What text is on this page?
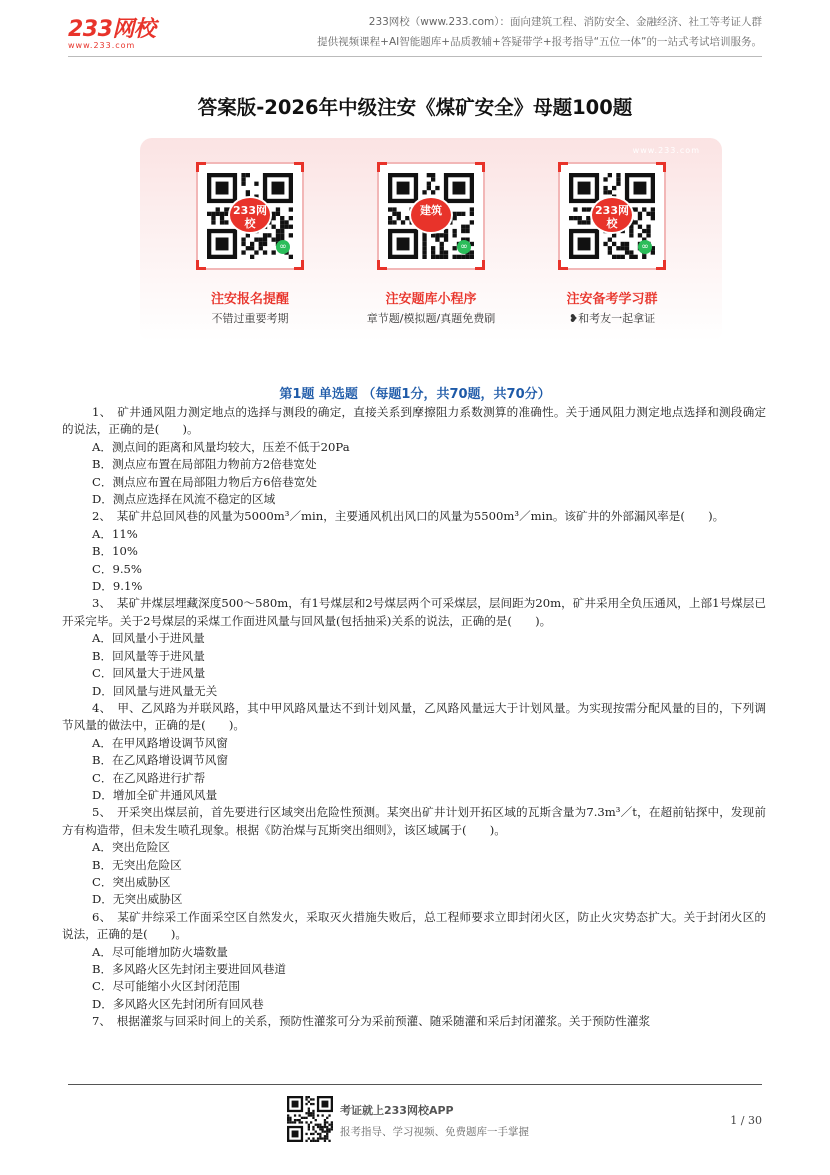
233网校
www.233.com
233网校（www.233.com）：面向建筑工程、消防安全、金融经济、社工等考证人群
提供视频课程+AI智能题库+品质教辅+答疑带学+报考指导“五位一体”的一站式考试培训服务。
答案版-2026年中级注安《煤矿安全》母题100题
www.233.com
233网校
∞
注安报名提醒
不错过重要考期
建筑
∞
注安题库小程序
章节题/模拟题/真题免费刷
233网校
∞
注安备考学习群
❥和考友一起拿证
第1题 单选题 （每题1分，共70题，共70分）
1、　矿井通风阻力测定地点的选择与测段的确定，直接关系到摩擦阻力系数测算的准确性。关于通风阻力测定地点选择和测段确定的说法，正确的是(　　)。
A．测点间的距离和风量均较大，压差不低于20Pa
B．测点应布置在局部阻力物前方2倍巷宽处
C．测点应布置在局部阻力物后方6倍巷宽处
D．测点应选择在风流不稳定的区域
2、　某矿井总回风巷的风量为5000m³／min，主要通风机出风口的风量为5500m³／min。该矿井的外部漏风率是(　　)。
A．11%
B．10%
C．9.5%
D．9.1%
3、　某矿井煤层埋藏深度500～580m，有1号煤层和2号煤层两个可采煤层，层间距为20m，矿井采用全负压通风，上部1号煤层已开采完毕。关于2号煤层的采煤工作面进风量与回风量(包括抽采)关系的说法，正确的是(　　)。
A．回风量小于进风量
B．回风量等于进风量
C．回风量大于进风量
D．回风量与进风量无关
4、　甲、乙风路为并联风路，其中甲风路风量达不到计划风量，乙风路风量远大于计划风量。为实现按需分配风量的目的，下列调节风量的做法中，正确的是(　　)。
A．在甲风路增设调节风窗
B．在乙风路增设调节风窗
C．在乙风路进行扩帮
D．增加全矿井通风风量
5、　开采突出煤层前，首先要进行区域突出危险性预测。某突出矿井计划开拓区域的瓦斯含量为7.3m³／t，在超前钻探中，发现前方有构造带，但未发生喷孔现象。根据《防治煤与瓦斯突出细则》，该区域属于(　　)。
A．突出危险区
B．无突出危险区
C．突出威胁区
D．无突出威胁区
6、　某矿井综采工作面采空区自然发火，采取灭火措施失败后，总工程师要求立即封闭火区，防止火灾势态扩大。关于封闭火区的说法，正确的是(　　)。
A．尽可能增加防火墙数量
B．多风路火区先封闭主要进回风巷道
C．尽可能缩小火区封闭范围
D．多风路火区先封闭所有回风巷
7、　根据灌浆与回采时间上的关系，预防性灌浆可分为采前预灌、随采随灌和采后封闭灌浆。关于预防性灌浆
考证就上233网校APP
报考指导、学习视频、免费题库一手掌握
1 / 30
